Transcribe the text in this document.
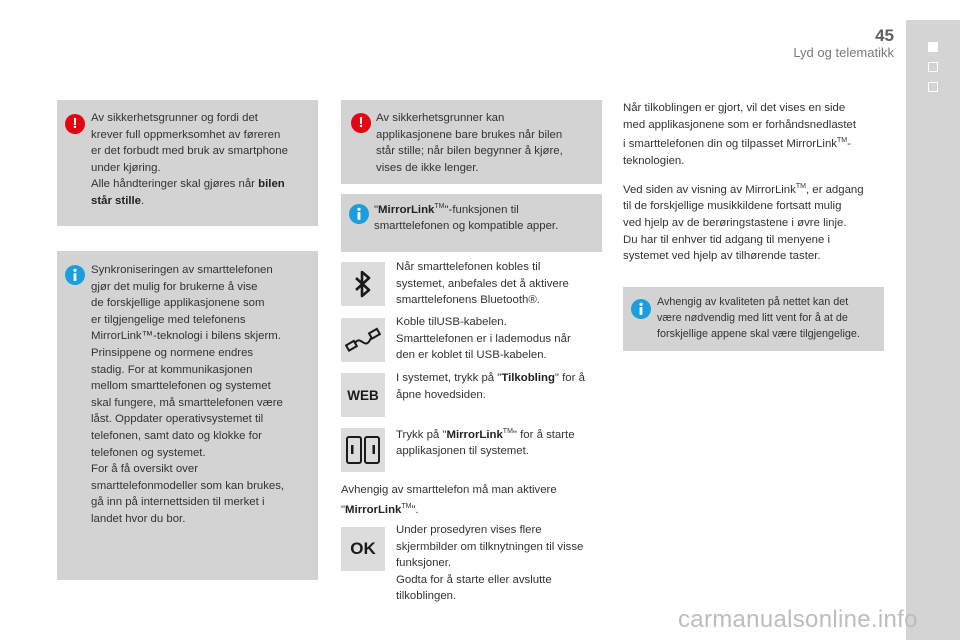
45
Lyd og telematikk
!	Av sikkerhetsgrunner og fordi det
krever full oppmerksomhet av føreren
er det forbudt med bruk av smartphone
under kjøring.
Alle håndteringer skal gjøres når bilen
står stille.
Synkroniseringen av smarttelefonen
gjør det mulig for brukerne å vise
de forskjellige applikasjonene som
er tilgjengelige med telefonens
MirrorLink™-teknologi i bilens skjerm.
Prinsippene og normene endres
stadig. For at kommunikasjonen
mellom smarttelefonen og systemet
skal fungere, må smarttelefonen være
låst. Oppdater operativsystemet til
telefonen, samt dato og klokke for
telefonen og systemet.
For å få oversikt over
smarttelefonmodeller som kan brukes,
gå inn på internettsiden til merket i
landet hvor du bor.
!	Av sikkerhetsgrunner kan
applikasjonene bare brukes når bilen
står stille; når bilen begynner å kjøre,
vises de ikke lenger.
"MirrorLink™"-funksjonen til
smarttelefonen og kompatible apper.
Når smarttelefonen kobles til
systemet, anbefales det å aktivere
smarttelefonens Bluetooth®.
Koble tilUSB-kabelen.
Smarttelefonen er i lademodus når
den er koblet til USB-kabelen.
WEB
I systemet, trykk på "Tilkobling" for å
åpne hovedsiden.
Trykk på "MirrorLink™" for å starte
applikasjonen til systemet.
Avhengig av smarttelefon må man aktivere
"MirrorLink™".
OK
Under prosedyren vises flere
skjermbilder om tilknytningen til visse
funksjoner.
Godta for å starte eller avslutte
tilkoblingen.
Når tilkoblingen er gjort, vil det vises en side
med applikasjonene som er forhåndsnedlastet
i smarttelefonen din og tilpasset MirrorLink™-
teknologien.
Ved siden av visning av MirrorLink™, er adgang
til de forskjellige musikkildene fortsatt mulig
ved hjelp av de berøringstastene i øvre linje.
Du har til enhver tid adgang til menyene i
systemet ved hjelp av tilhørende taster.
Avhengig av kvaliteten på nettet kan det
være nødvendig med litt vent for å at de
forskjellige appene skal være tilgjengelige.
carmanualsonline.info
